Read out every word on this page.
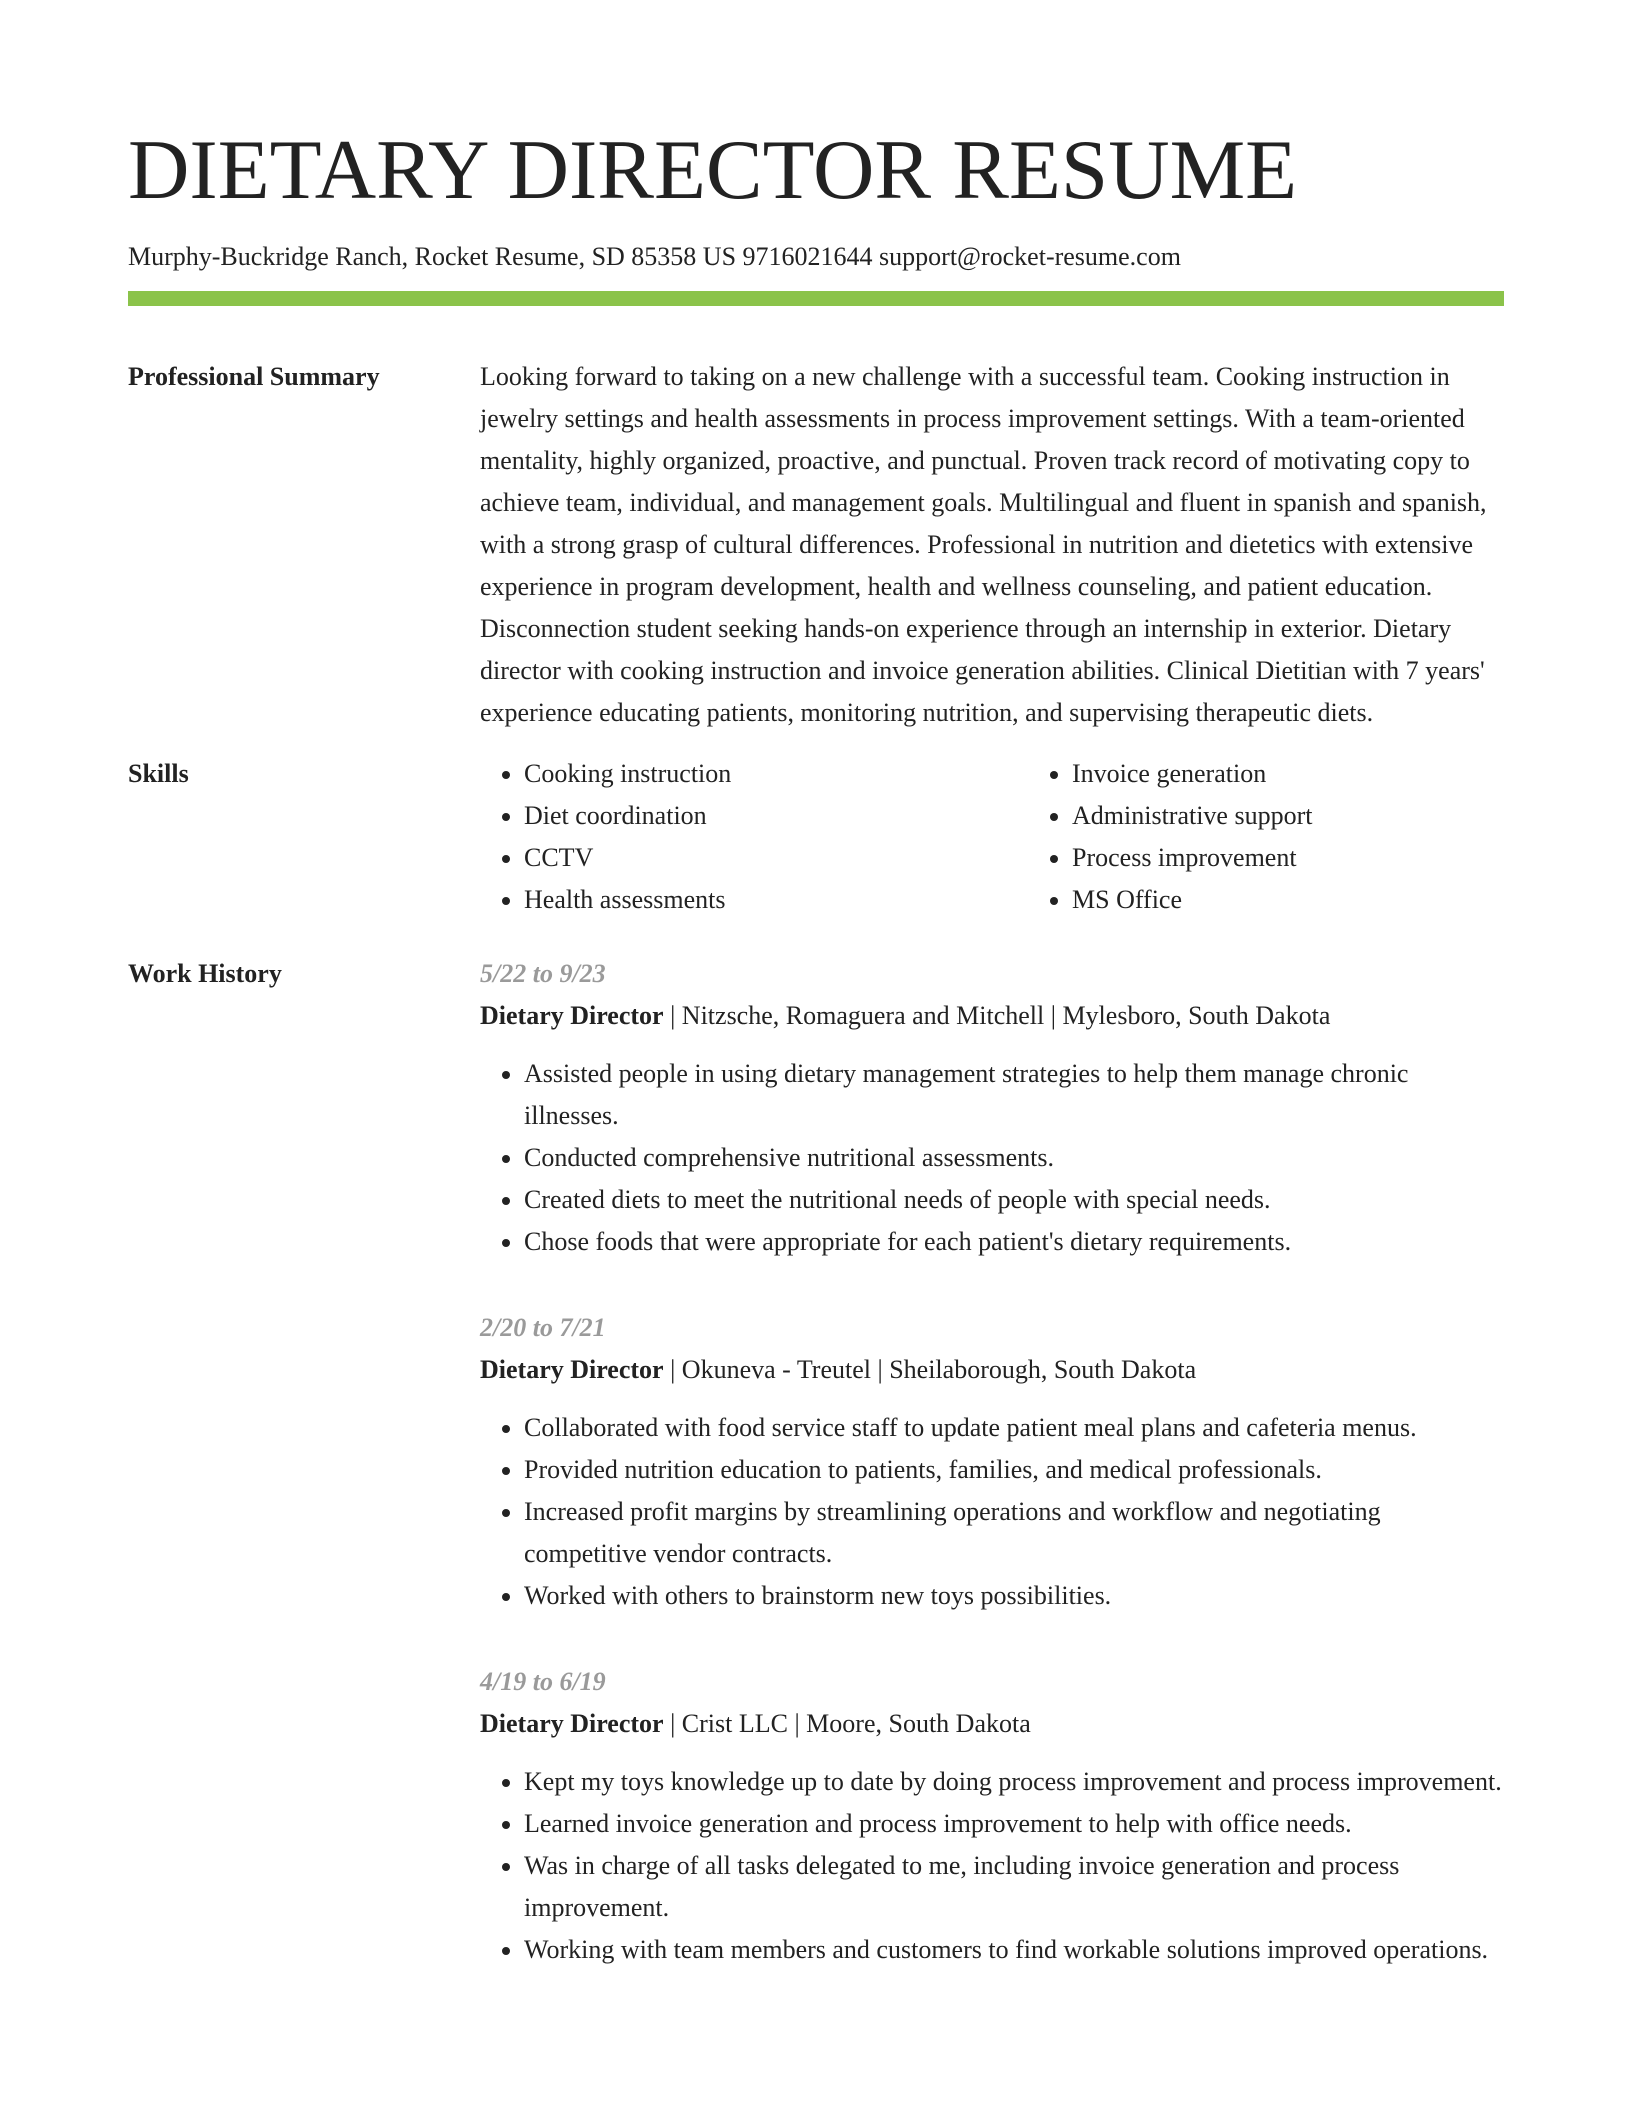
DIETARY DIRECTOR RESUME
Murphy-Buckridge Ranch, Rocket Resume, SD 85358 US 9716021644 support@rocket-resume.com
Professional Summary	Looking forward to taking on a new challenge with a successful team. Cooking instruction in jewelry settings and health assessments in process improvement settings. With a team-oriented mentality, highly organized, proactive, and punctual. Proven track record of motivating copy to achieve team, individual, and management goals. Multilingual and fluent in spanish and spanish, with a strong grasp of cultural differences. Professional in nutrition and dietetics with extensive experience in program development, health and wellness counseling, and patient education. Disconnection student seeking hands-on experience through an internship in exterior. Dietary director with cooking instruction and invoice generation abilities. Clinical Dietitian with 7 years' experience educating patients, monitoring nutrition, and supervising therapeutic diets.
Skills
•	Cooking instruction
• Diet coordination
• CCTV
• Health assessments
• Invoice generation
• Administrative support
• Process improvement
• MS Office
Work History	5/22 to 9/23
Dietary Director | Nitzsche, Romaguera and Mitchell | Mylesboro, South Dakota
• Assisted people in using dietary management strategies to help them manage chronic illnesses.
• Conducted comprehensive nutritional assessments.
• Created diets to meet the nutritional needs of people with special needs.
• Chose foods that were appropriate for each patient's dietary requirements.
2/20 to 7/21
Dietary Director | Okuneva - Treutel | Sheilaborough, South Dakota
• Collaborated with food service staff to update patient meal plans and cafeteria menus.
• Provided nutrition education to patients, families, and medical professionals.
• Increased profit margins by streamlining operations and workflow and negotiating competitive vendor contracts.
• Worked with others to brainstorm new toys possibilities.
4/19 to 6/19
Dietary Director | Crist LLC | Moore, South Dakota
• Kept my toys knowledge up to date by doing process improvement and process improvement.
• Learned invoice generation and process improvement to help with office needs.
• Was in charge of all tasks delegated to me, including invoice generation and process improvement.
• Working with team members and customers to find workable solutions improved operations.
